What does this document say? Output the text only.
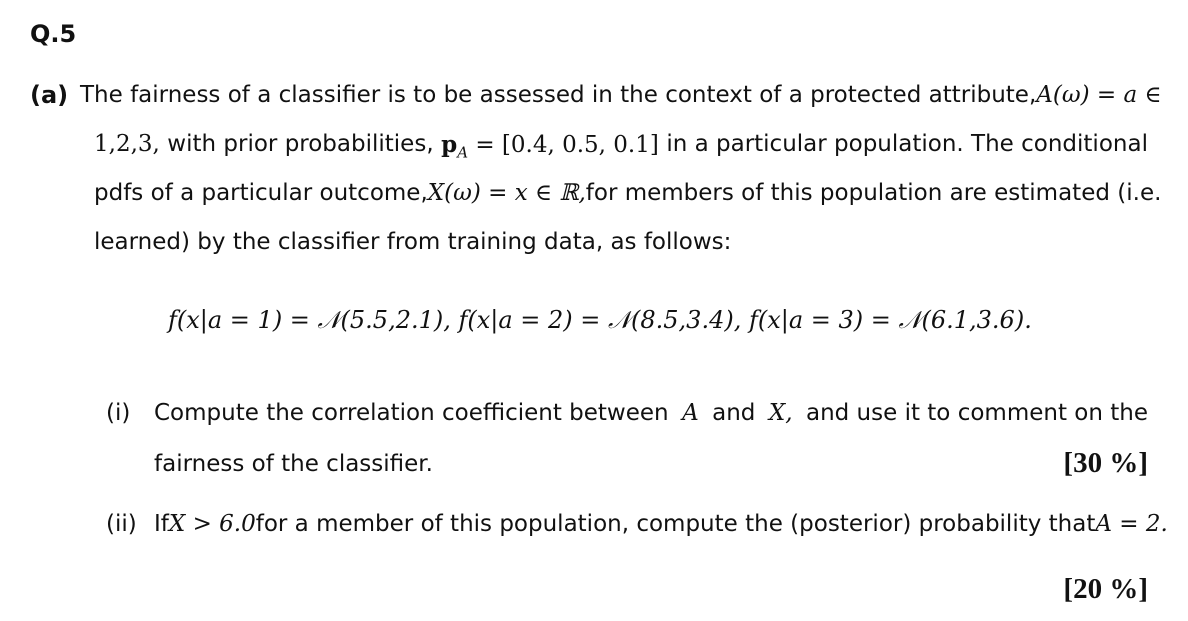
Q.5
(a) The fairness of a classifier is to be assessed in the context of a protected attribute, A(ω) = a ∈
1,2,3, with prior probabilities, $p_A = [0.4$, 0.5, 0.1] in a particular population. The conditional
pdfs of a particular outcome, X(ω) = x ∈ ℝ, for members of this population are estimated (i.e.
learned) by the classifier from training data, as follows:
f(x|a = 1) = 𝒩(5.5,2.1), f(x|a = 2) = 𝒩(8.5,3.4), f(x|a = 3) = 𝒩(6.1,3.6).
(i) Compute the correlation coefficient between A and X, and use it to comment on the
fairness of the classifier.	[30 %]
(ii) If X > 6.0 for a member of this population, compute the (posterior) probability that A = 2.
[20 %]
